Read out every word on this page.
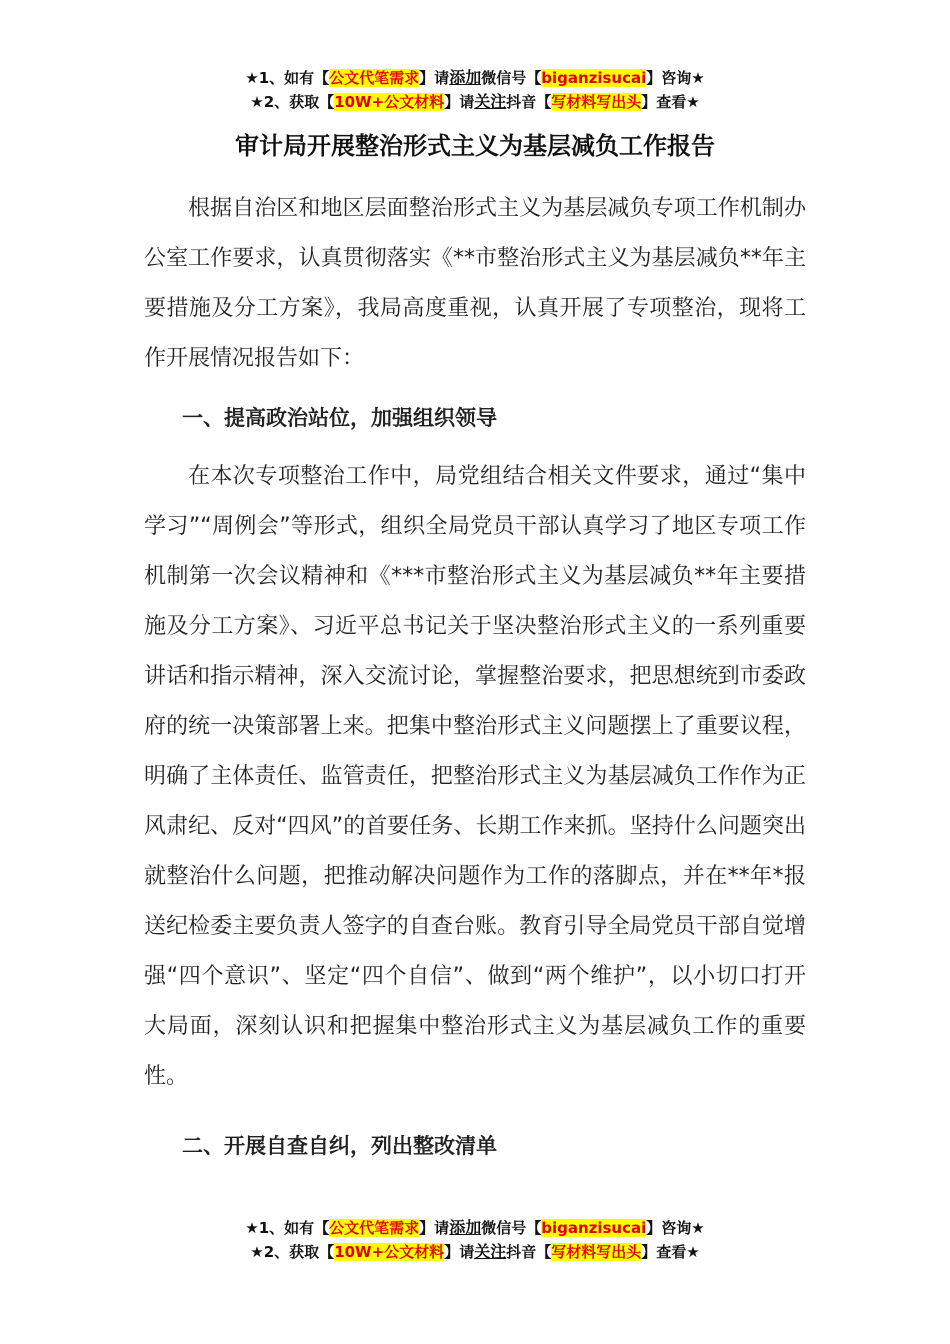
★1、如有【公文代笔需求】请添加微信号【biganzisucai】咨询★
★2、获取【10W+公文材料】请关注抖音【写材料写出头】查看★
审计局开展整治形式主义为基层减负工作报告

根据自治区和地区层面整治形式主义为基层减负专项工作机制办公室工作要求，认真贯彻落实《**市整治形式主义为基层减负**年主要措施及分工方案》，我局高度重视，认真开展了专项整治，现将工作开展情况报告如下：

一、提高政治站位，加强组织领导

在本次专项整治工作中，局党组结合相关文件要求，通过“集中学习”“周例会”等形式，组织全局党员干部认真学习了地区专项工作机制第一次会议精神和《***市整治形式主义为基层减负**年主要措施及分工方案》、习近平总书记关于坚决整治形式主义的一系列重要讲话和指示精神，深入交流讨论，掌握整治要求，把思想统到市委政府的统一决策部署上来。把集中整治形式主义问题摆上了重要议程，明确了主体责任、监管责任，把整治形式主义为基层减负工作作为正风肃纪、反对“四风”的首要任务、长期工作来抓。坚持什么问题突出就整治什么问题，把推动解决问题作为工作的落脚点，并在**年*报送纪检委主要负责人签字的自查台账。教育引导全局党员干部自觉增强“四个意识”、坚定“四个自信”、做到“两个维护”，以小切口打开大局面，深刻认识和把握集中整治形式主义为基层减负工作的重要性。

二、开展自查自纠，列出整改清单

★1、如有【公文代笔需求】请添加微信号【biganzisucai】咨询★
★2、获取【10W+公文材料】请关注抖音【写材料写出头】查看★
